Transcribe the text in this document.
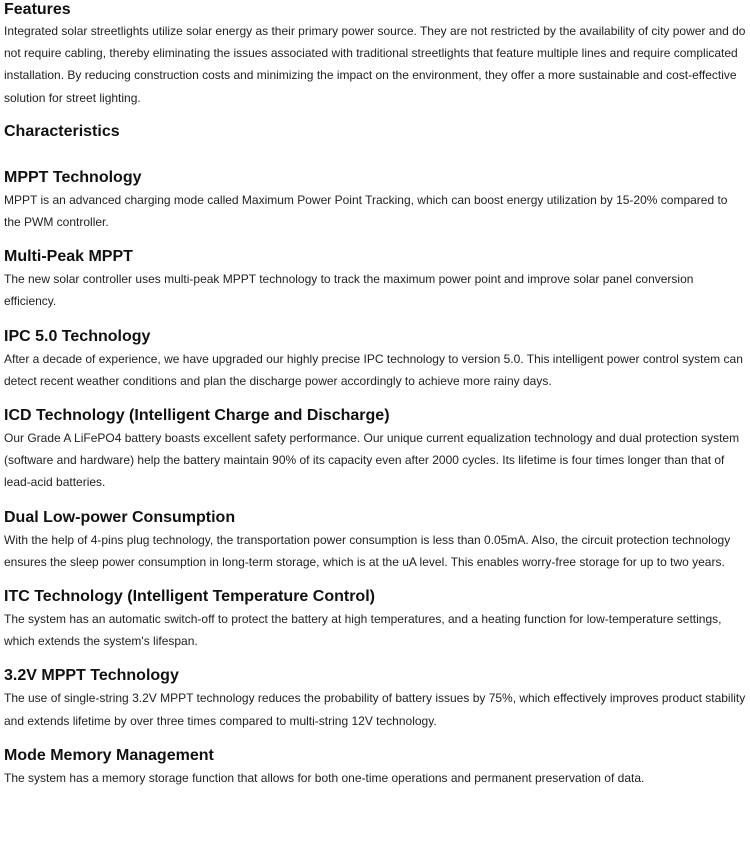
Features

Integrated solar streetlights utilize solar energy as their primary power source. They are not restricted by the availability of city power and do not require cabling, thereby eliminating the issues associated with traditional streetlights that feature multiple lines and require complicated installation. By reducing construction costs and minimizing the impact on the environment, they offer a more sustainable and cost-effective solution for street lighting.

Characteristics
MPPT Technology

MPPT is an advanced charging mode called Maximum Power Point Tracking, which can boost energy utilization by 15-20% compared to the PWM controller.

Multi-Peak MPPT

The new solar controller uses multi-peak MPPT technology to track the maximum power point and improve solar panel conversion efficiency.

IPC 5.0 Technology

After a decade of experience, we have upgraded our highly precise IPC technology to version 5.0. This intelligent power control system can detect recent weather conditions and plan the discharge power accordingly to achieve more rainy days.

ICD Technology (Intelligent Charge and Discharge)

Our Grade A LiFePO4 battery boasts excellent safety performance. Our unique current equalization technology and dual protection system (software and hardware) help the battery maintain 90% of its capacity even after 2000 cycles. Its lifetime is four times longer than that of lead-acid batteries.

Dual Low-power Consumption

With the help of 4-pins plug technology, the transportation power consumption is less than 0.05mA. Also, the circuit protection technology ensures the sleep power consumption in long-term storage, which is at the uA level. This enables worry-free storage for up to two years.

ITC Technology (Intelligent Temperature Control)

The system has an automatic switch-off to protect the battery at high temperatures, and a heating function for low-temperature settings, which extends the system's lifespan.

3.2V MPPT Technology

The use of single-string 3.2V MPPT technology reduces the probability of battery issues by 75%, which effectively improves product stability and extends lifetime by over three times compared to multi-string 12V technology.

Mode Memory Management

The system has a memory storage function that allows for both one-time operations and permanent preservation of data.
